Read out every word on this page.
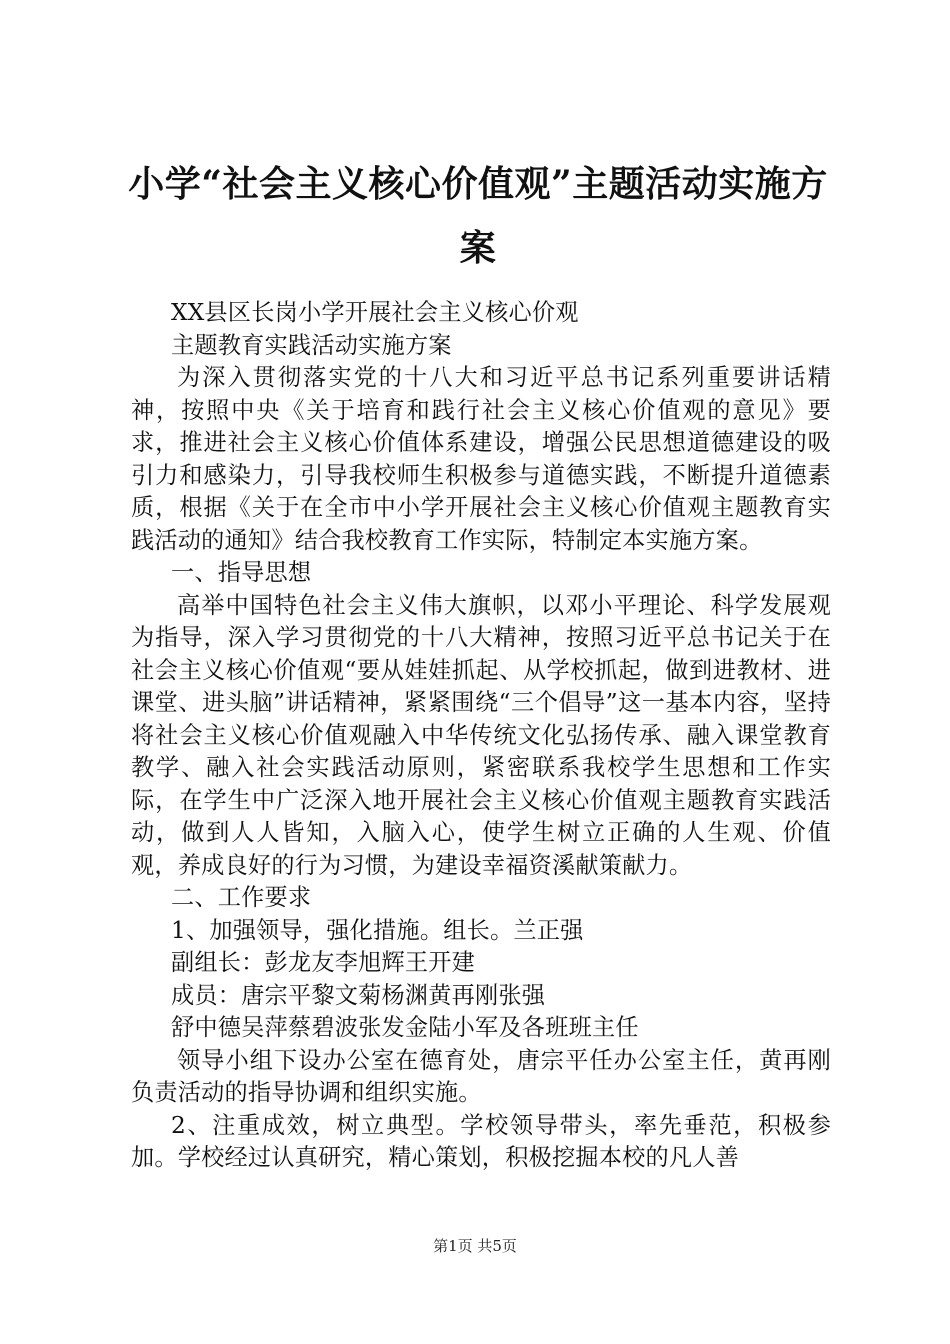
小学“社会主义核心价值观”主题活动实施方案

XX县区长岗小学开展社会主义核心价观

主题教育实践活动实施方案

为深入贯彻落实党的十八大和习近平总书记系列重要讲话精神，按照中央《关于培育和践行社会主义核心价值观的意见》要求，推进社会主义核心价值体系建设，增强公民思想道德建设的吸引力和感染力，引导我校师生积极参与道德实践，不断提升道德素质，根据《关于在全市中小学开展社会主义核心价值观主题教育实践活动的通知》结合我校教育工作实际，特制定本实施方案。

一、指导思想

高举中国特色社会主义伟大旗帜，以邓小平理论、科学发展观为指导，深入学习贯彻党的十八大精神，按照习近平总书记关于在社会主义核心价值观“要从娃娃抓起、从学校抓起，做到进教材、进课堂、进头脑”讲话精神，紧紧围绕“三个倡导”这一基本内容，坚持将社会主义核心价值观融入中华传统文化弘扬传承、融入课堂教育教学、融入社会实践活动原则，紧密联系我校学生思想和工作实际，在学生中广泛深入地开展社会主义核心价值观主题教育实践活动，做到人人皆知，入脑入心，使学生树立正确的人生观、价值观，养成良好的行为习惯，为建设幸福资溪献策献力。

二、工作要求

1、加强领导，强化措施。组长。兰正强

副组长：彭龙友李旭辉王开建

成员：唐宗平黎文菊杨渊黄再刚张强

舒中德吴萍蔡碧波张发金陆小军及各班班主任

领导小组下设办公室在德育处，唐宗平任办公室主任，黄再刚负责活动的指导协调和组织实施。

2、注重成效，树立典型。学校领导带头，率先垂范，积极参加。学校经过认真研究，精心策划，积极挖掘本校的凡人善

第1页 共5页
